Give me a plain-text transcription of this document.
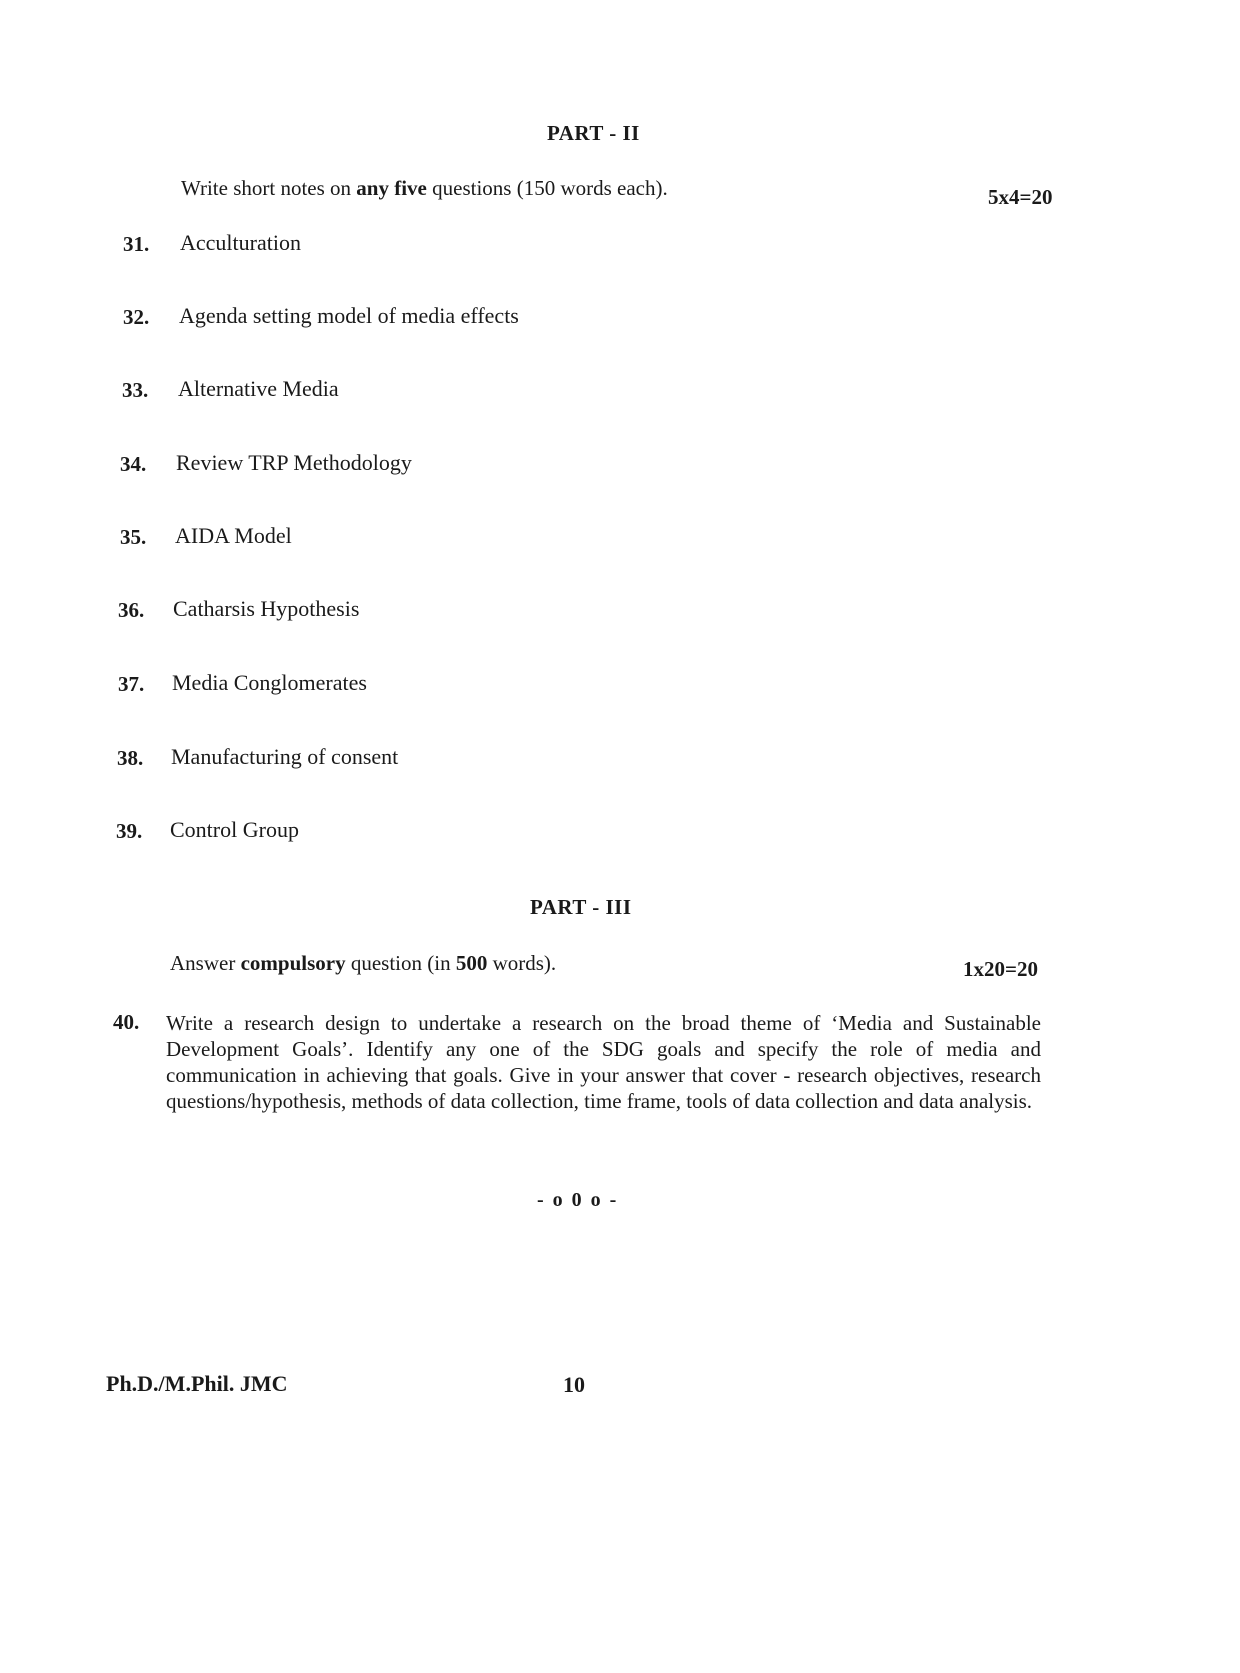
PART - II
Write short notes on any five questions (150 words each).	5x4=20
31. Acculturation
32. Agenda setting model of media effects
33. Alternative Media
34. Review TRP Methodology
35. AIDA Model
36. Catharsis Hypothesis
37. Media Conglomerates
38. Manufacturing of consent
39. Control Group
PART - III
Answer compulsory question (in 500 words).	1x20=20
40. Write a research design to undertake a research on the broad theme of ‘Media and Sustainable Development Goals’. Identify any one of the SDG goals and specify the role of media and communication in achieving that goals. Give in your answer that cover - research objectives, research questions/hypothesis, methods of data collection, time frame, tools of data collection and data analysis.
- o 0 o -
Ph.D./M.Phil. JMC	10
